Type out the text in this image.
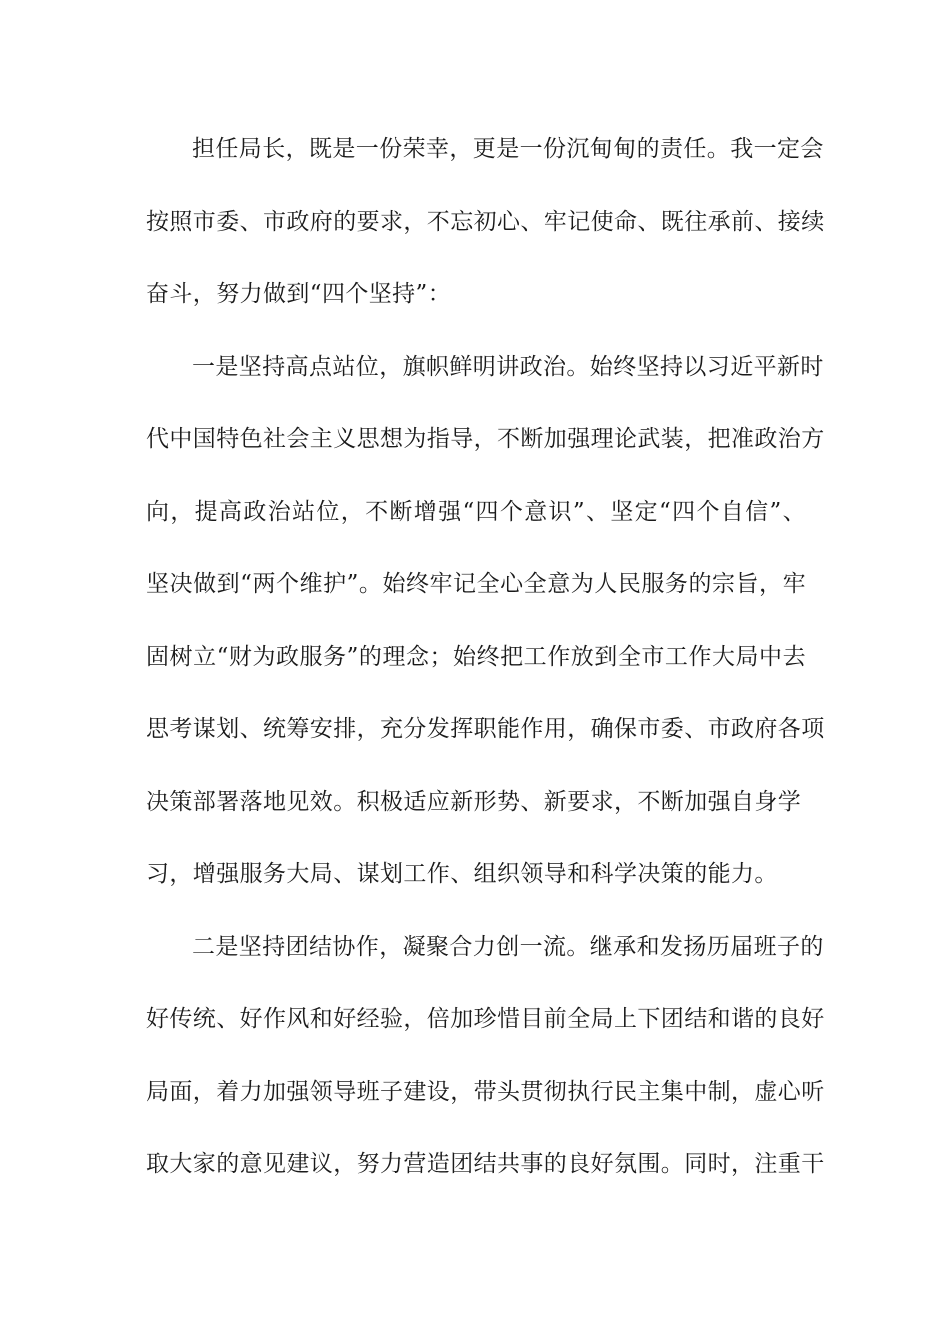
担任局长，既是一份荣幸，更是一份沉甸甸的责任。我一定会
按照市委、市政府的要求，不忘初心、牢记使命、既往承前、接续
奋斗，努力做到“四个坚持”：
一是坚持高点站位，旗帜鲜明讲政治。始终坚持以习近平新时
代中国特色社会主义思想为指导，不断加强理论武装，把准政治方
向，提高政治站位，不断增强“四个意识”、坚定“四个自信”、
坚决做到“两个维护”。始终牢记全心全意为人民服务的宗旨，牢
固树立“财为政服务”的理念；始终把工作放到全市工作大局中去
思考谋划、统筹安排，充分发挥职能作用，确保市委、市政府各项
决策部署落地见效。积极适应新形势、新要求，不断加强自身学
习，增强服务大局、谋划工作、组织领导和科学决策的能力。
二是坚持团结协作，凝聚合力创一流。继承和发扬历届班子的
好传统、好作风和好经验，倍加珍惜目前全局上下团结和谐的良好
局面，着力加强领导班子建设，带头贯彻执行民主集中制，虚心听
取大家的意见建议，努力营造团结共事的良好氛围。同时，注重干
